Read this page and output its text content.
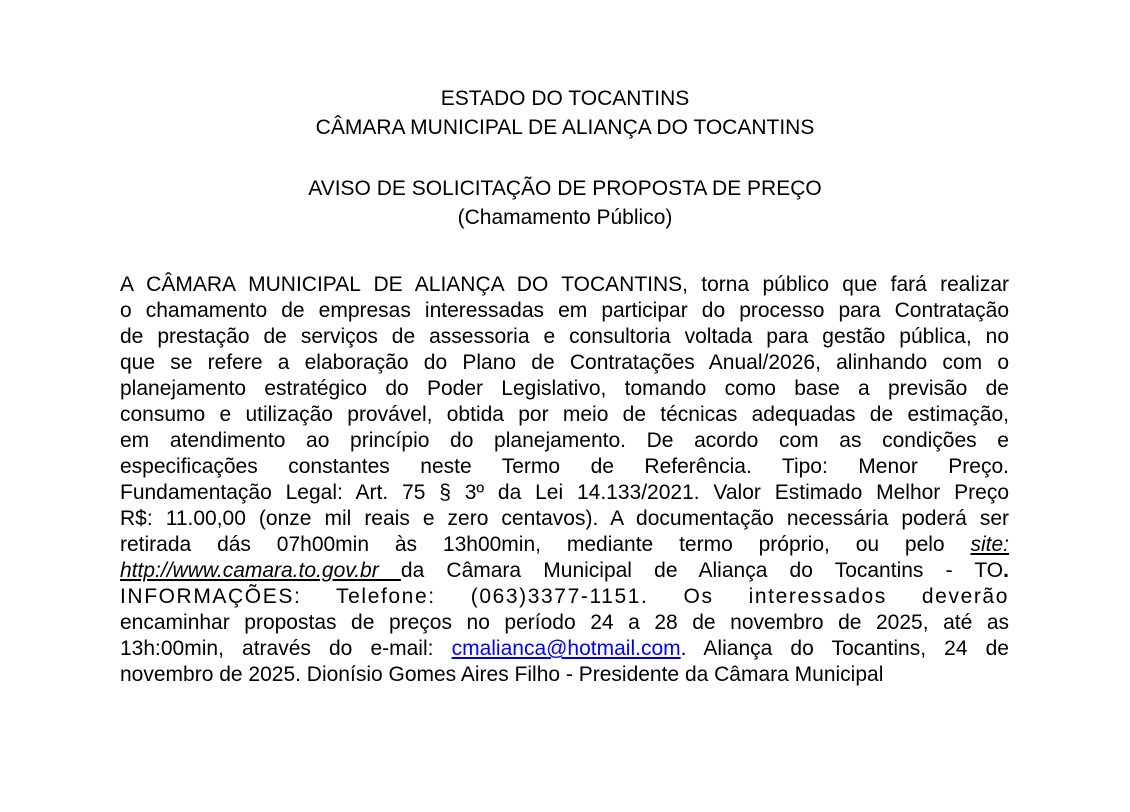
ESTADO DO TOCANTINS
CÂMARA MUNICIPAL DE ALIANÇA DO TOCANTINS
AVISO DE SOLICITAÇÃO DE PROPOSTA DE PREÇO
(Chamamento Público)
A CÂMARA MUNICIPAL DE ALIANÇA DO TOCANTINS, torna público que fará realizar
o chamamento de empresas interessadas em participar do processo para Contratação
de prestação de serviços de assessoria e consultoria voltada para gestão pública, no
que se refere a elaboração do Plano de Contratações Anual/2026, alinhando com o
planejamento estratégico do Poder Legislativo, tomando como base a previsão de
consumo e utilização provável, obtida por meio de técnicas adequadas de estimação,
em atendimento ao princípio do planejamento. De acordo com as condições e
especificações constantes neste Termo de Referência. Tipo: Menor Preço.
Fundamentação Legal: Art. 75 § 3º da Lei 14.133/2021. Valor Estimado Melhor Preço
R$: 11.00,00 (onze mil reais e zero centavos). A documentação necessária poderá ser
retirada dás 07h00min às 13h00min, mediante termo próprio, ou pelo site:
http://www.camara.to.gov.br da Câmara Municipal de Aliança do Tocantins - TO.
INFORMAÇÕES: Telefone: (063)3377-1151. Os interessados deverão
encaminhar propostas de preços no período 24 a 28 de novembro de 2025, até as
13h:00min, através do e-mail: cmalianca@hotmail.com. Aliança do Tocantins, 24 de
novembro de 2025. Dionísio Gomes Aires Filho - Presidente da Câmara Municipal
